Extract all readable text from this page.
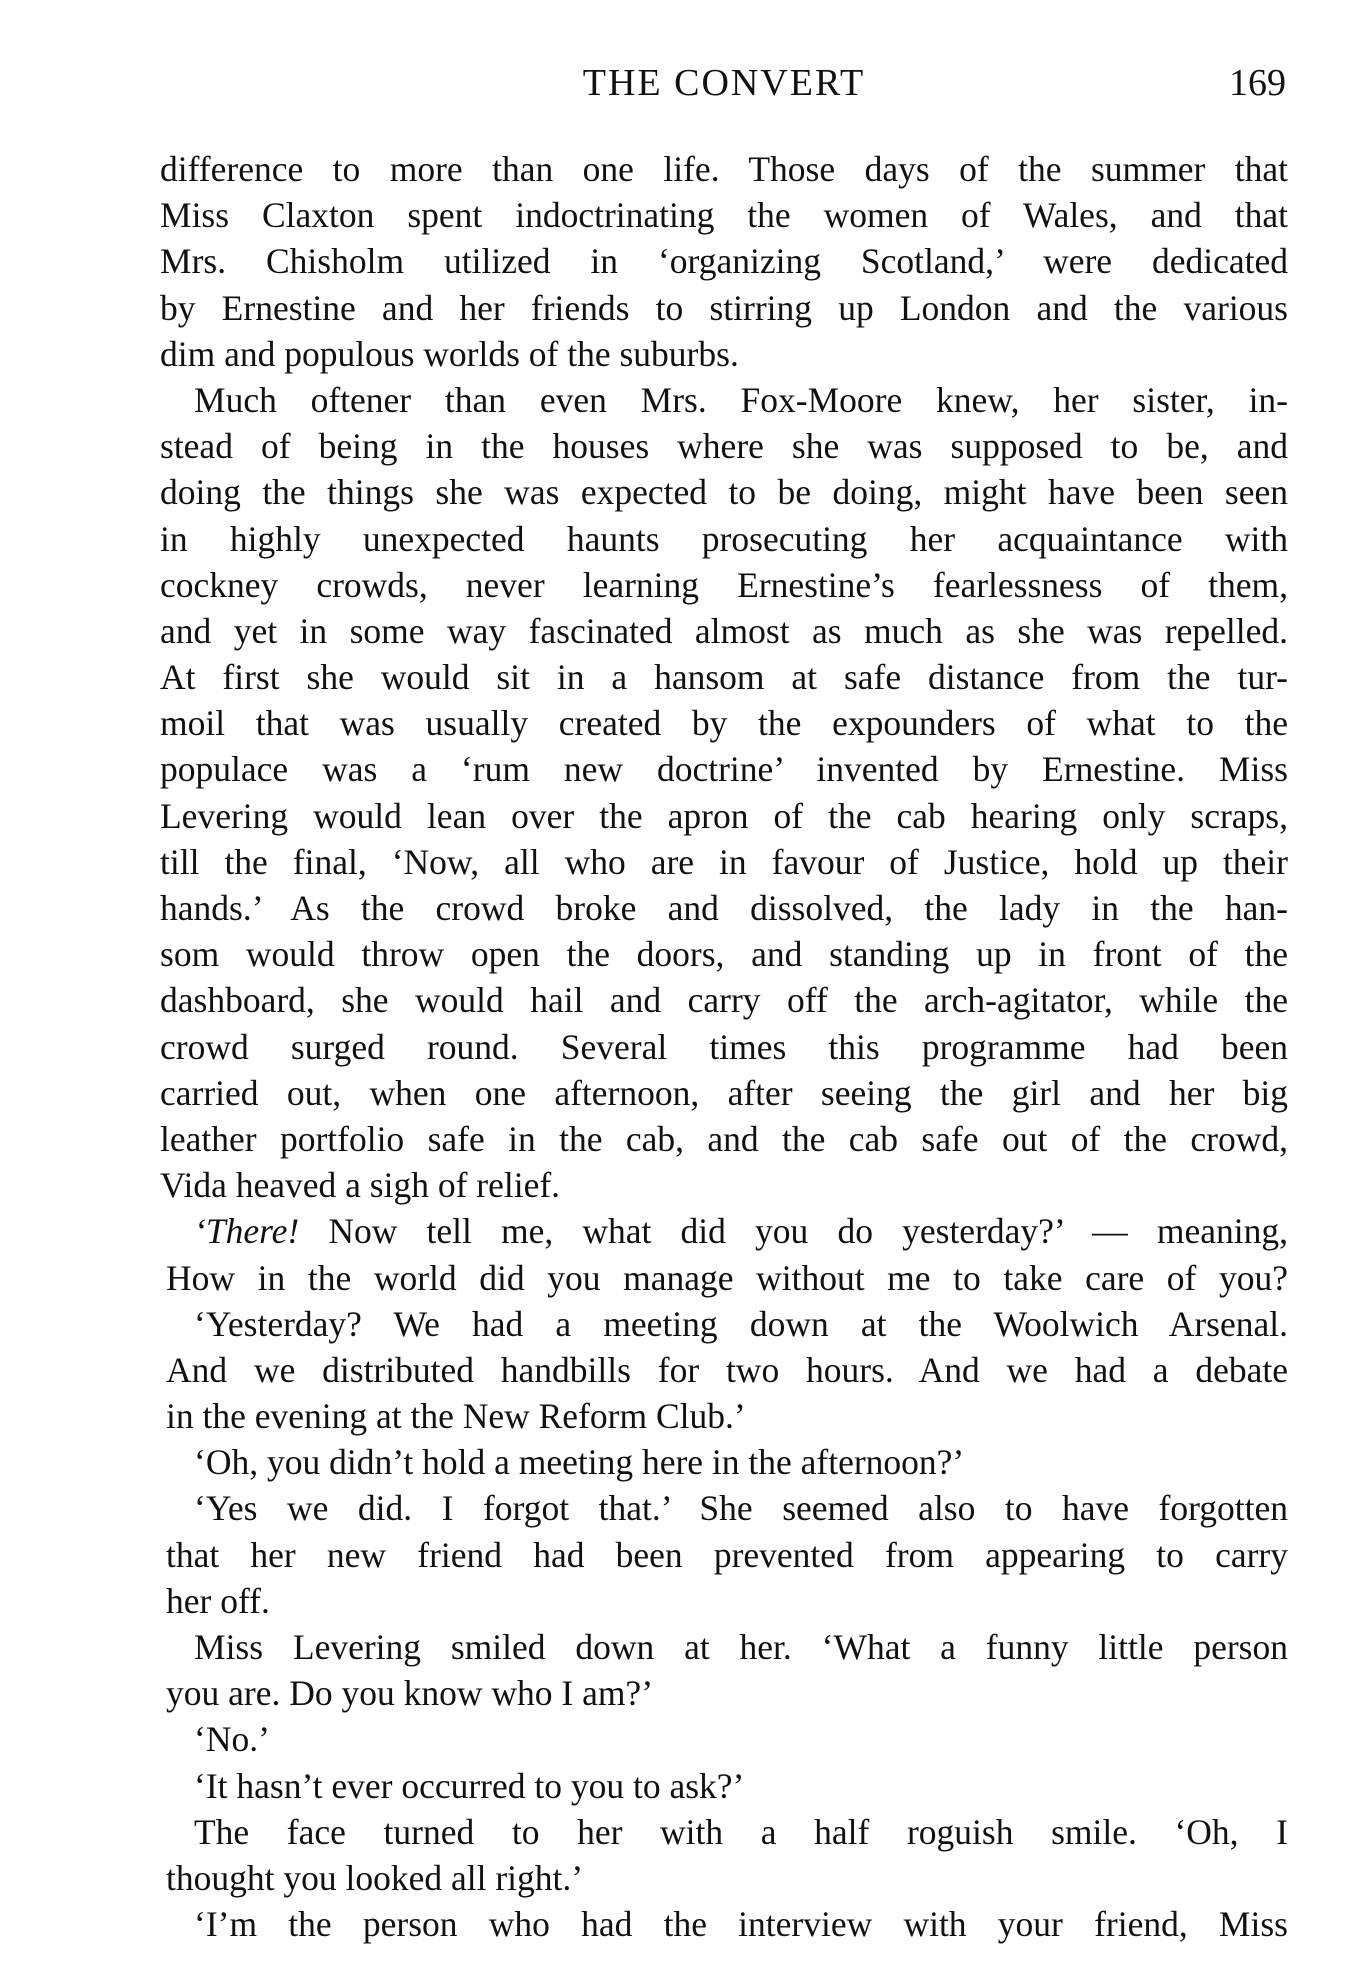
THE CONVERT	169
difference to more than one life. Those days of the summer that
Miss Claxton spent indoctrinating the women of Wales, and that
Mrs. Chisholm utilized in ‘organizing Scotland,’ were dedicated
by Ernestine and her friends to stirring up London and the various
dim and populous worlds of the suburbs.
Much oftener than even Mrs. Fox-Moore knew, her sister, in-
stead of being in the houses where she was supposed to be, and
doing the things she was expected to be doing, might have been seen
in highly unexpected haunts prosecuting her acquaintance with
cockney crowds, never learning Ernestine’s fearlessness of them,
and yet in some way fascinated almost as much as she was repelled.
At first she would sit in a hansom at safe distance from the tur-
moil that was usually created by the expounders of what to the
populace was a ‘rum new doctrine’ invented by Ernestine. Miss
Levering would lean over the apron of the cab hearing only scraps,
till the final, ‘Now, all who are in favour of Justice, hold up their
hands.’ As the crowd broke and dissolved, the lady in the han-
som would throw open the doors, and standing up in front of the
dashboard, she would hail and carry off the arch-agitator, while the
crowd surged round. Several times this programme had been
carried out, when one afternoon, after seeing the girl and her big
leather portfolio safe in the cab, and the cab safe out of the crowd,
Vida heaved a sigh of relief.
‘There! Now tell me, what did you do yesterday?’ — meaning,
How in the world did you manage without me to take care of you?
‘Yesterday? We had a meeting down at the Woolwich Arsenal.
And we distributed handbills for two hours. And we had a debate
in the evening at the New Reform Club.’
‘Oh, you didn’t hold a meeting here in the afternoon?’
‘Yes we did. I forgot that.’ She seemed also to have forgotten
that her new friend had been prevented from appearing to carry
her off.
Miss Levering smiled down at her. ‘What a funny little person
you are. Do you know who I am?’
‘No.’
‘It hasn’t ever occurred to you to ask?’
The face turned to her with a half roguish smile. ‘Oh, I
thought you looked all right.’
‘I’m the person who had the interview with your friend, Miss
